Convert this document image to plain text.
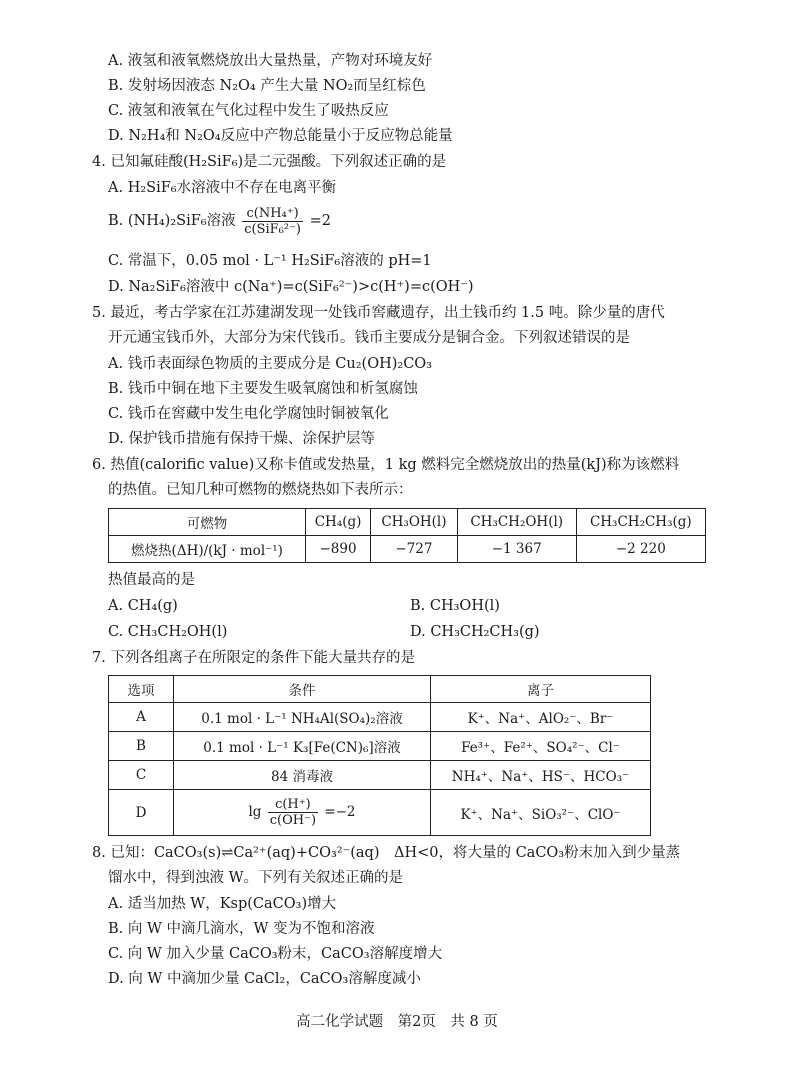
A. 液氢和液氧燃烧放出大量热量，产物对环境友好
B. 发射场因液态 N₂O₄ 产生大量 NO₂而呈红棕色
C. 液氢和液氧在气化过程中发生了吸热反应
D. N₂H₄和 N₂O₄反应中产物总能量小于反应物总能量
4. 已知氟硅酸(H₂SiF₆)是二元强酸。下列叙述正确的是
A. H₂SiF₆水溶液中不存在电离平衡
B. (NH₄)₂SiF₆溶液 $\frac{\text{c(NH₄⁺)}}{\text{c(SiF₆²⁻)}} =2$
C. 常温下，0.05 mol · L⁻¹ H₂SiF₆溶液的 pH=1
D. Na₂SiF₆溶液中 c(Na⁺)=c(SiF₆²⁻)>c(H⁺)=c(OH⁻)
5. 最近，考古学家在江苏建湖发现一处钱币窖藏遗存，出土钱币约 1.5 吨。除少量的唐代
开元通宝钱币外，大部分为宋代钱币。钱币主要成分是铜合金。下列叙述错误的是
A. 钱币表面绿色物质的主要成分是 Cu₂(OH)₂CO₃
B. 钱币中铜在地下主要发生吸氧腐蚀和析氢腐蚀
C. 钱币在窖藏中发生电化学腐蚀时铜被氧化
D. 保护钱币措施有保持干燥、涂保护层等
6. 热值(calorific value)又称卡值或发热量，1 kg 燃料完全燃烧放出的热量(kJ)称为该燃料
的热值。已知几种可燃物的燃烧热如下表所示：
可燃物	CH₄(g)	CH₃OH(l)	CH₃CH₂OH(l)	CH₃CH₂CH₃(g)
燃烧热(ΔH)/(kJ · mol⁻¹)	−890	−727	−1 367	−2 220
热值最高的是
A. CH₄(g)	B. CH₃OH(l)
C. CH₃CH₂OH(l)	D. CH₃CH₂CH₃(g)
7. 下列各组离子在所限定的条件下能大量共存的是
选项	条件	离子
A	0.1 mol · L⁻¹ NH₄Al(SO₄)₂溶液	K⁺、Na⁺、AlO₂⁻、Br⁻
B	0.1 mol · L⁻¹ K₃[Fe(CN)₆]溶液	Fe³⁺、Fe²⁺、SO₄²⁻、Cl⁻
C	84 消毒液	NH₄⁺、Na⁺、HS⁻、HCO₃⁻
D	$\lg \frac{c(H^+)}{c(OH^-)} =-2$	K⁺、Na⁺、SiO₃²⁻、ClO⁻
8. 已知：CaCO₃(s)⇌Ca²⁺(aq)+CO₃²⁻(aq)　ΔH<0，将大量的 CaCO₃粉末加入到少量蒸
馏水中，得到浊液 W。下列有关叙述正确的是
A. 适当加热 W，Ksp(CaCO₃)增大
B. 向 W 中滴几滴水，W 变为不饱和溶液
C. 向 W 加入少量 CaCO₃粉末，CaCO₃溶解度增大
D. 向 W 中滴加少量 CaCl₂，CaCO₃溶解度减小
高二化学试题　第2页　共 8 页
